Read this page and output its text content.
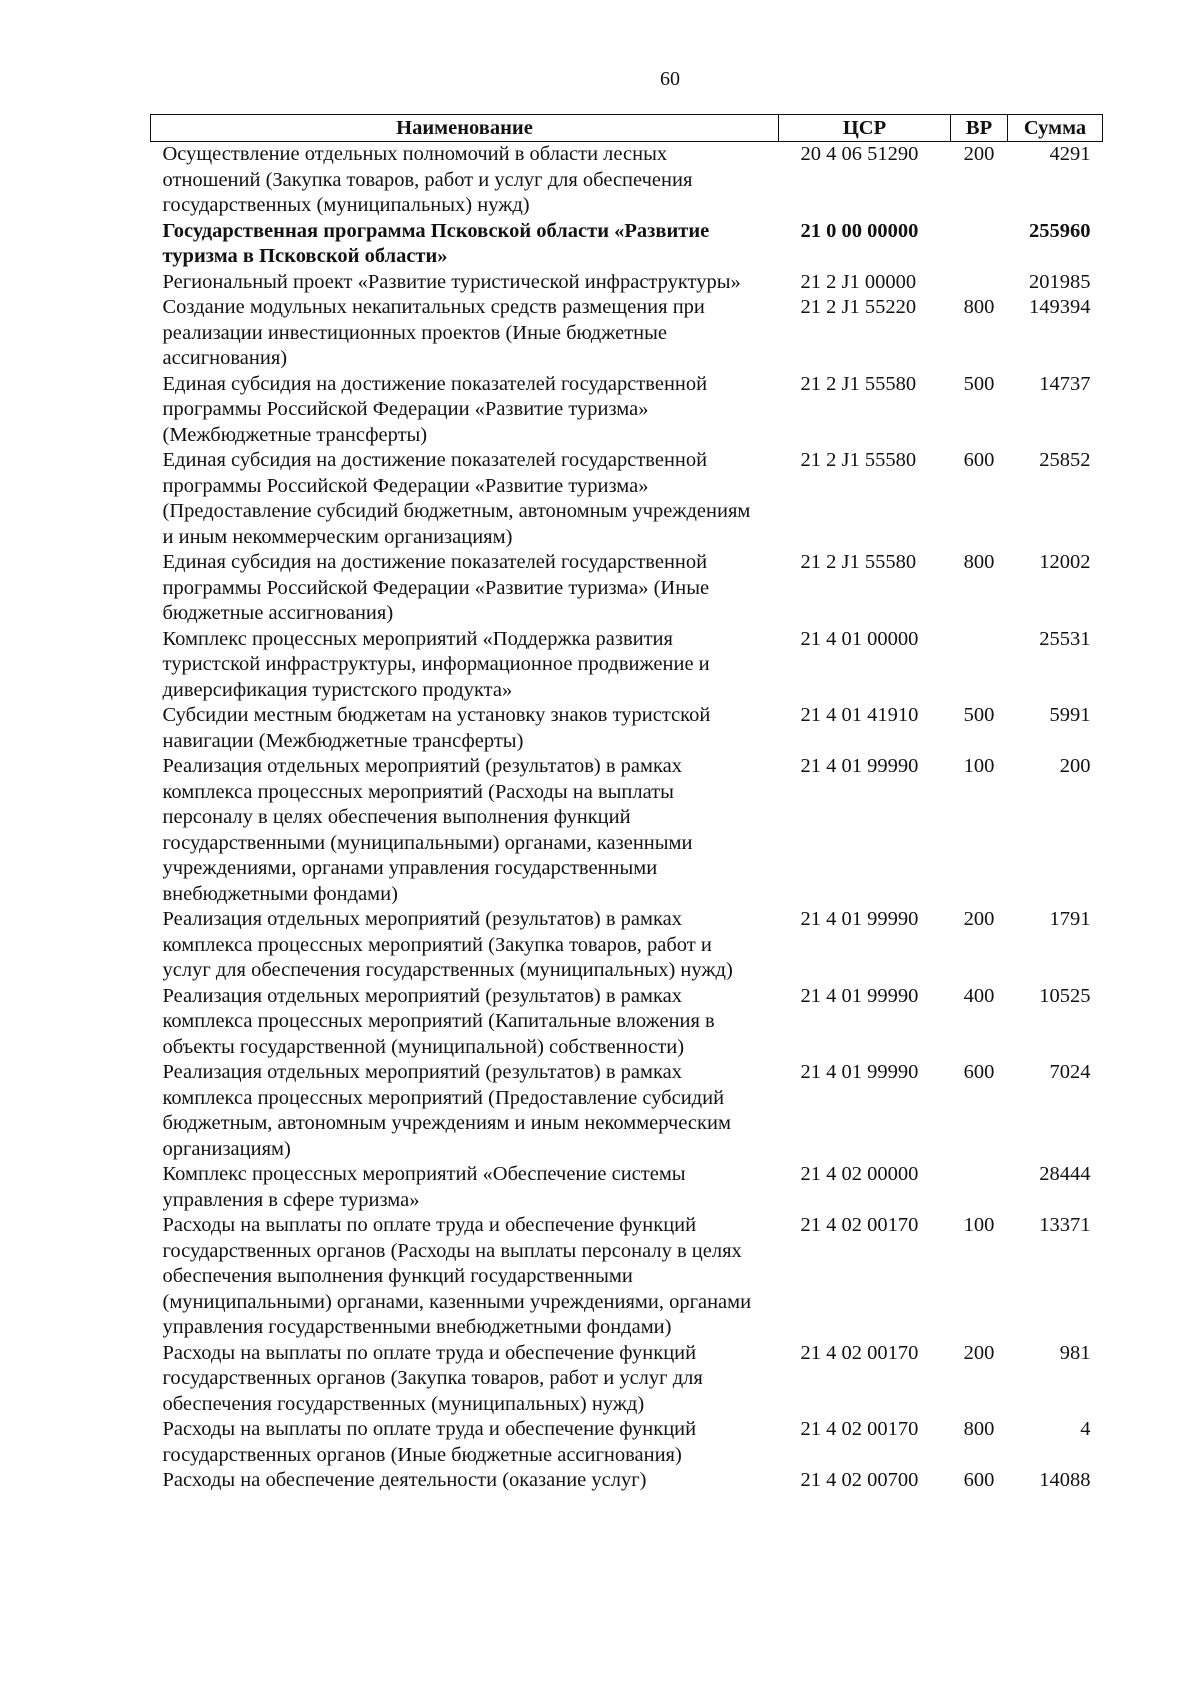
60
Наименование	ЦСР	ВР	Сумма
Осуществление отдельных полномочий в области лесных отношений (Закупка товаров, работ и услуг для обеспечения государственных (муниципальных) нужд)	20 4 06 51290	200	4291
Государственная программа Псковской области «Развитие туризма в Псковской области»	21 0 00 00000		255960
Региональный проект «Развитие туристической инфраструктуры»	21 2 J1 00000		201985
Создание модульных некапитальных средств размещения при реализации инвестиционных проектов (Иные бюджетные ассигнования)	21 2 J1 55220	800	149394
Единая субсидия на достижение показателей государственной программы Российской Федерации «Развитие туризма» (Межбюджетные трансферты)	21 2 J1 55580	500	14737
Единая субсидия на достижение показателей государственной программы Российской Федерации «Развитие туризма» (Предоставление субсидий бюджетным, автономным учреждениям и иным некоммерческим организациям)	21 2 J1 55580	600	25852
Единая субсидия на достижение показателей государственной программы Российской Федерации «Развитие туризма» (Иные бюджетные ассигнования)	21 2 J1 55580	800	12002
Комплекс процессных мероприятий «Поддержка развития туристской инфраструктуры, информационное продвижение и диверсификация туристского продукта»	21 4 01 00000		25531
Субсидии местным бюджетам на установку знаков туристской навигации (Межбюджетные трансферты)	21 4 01 41910	500	5991
Реализация отдельных мероприятий (результатов) в рамках комплекса процессных мероприятий (Расходы на выплаты персоналу в целях обеспечения выполнения функций государственными (муниципальными) органами, казенными учреждениями, органами управления государственными внебюджетными фондами)	21 4 01 99990	100	200
Реализация отдельных мероприятий (результатов) в рамках комплекса процессных мероприятий (Закупка товаров, работ и услуг для обеспечения государственных (муниципальных) нужд)	21 4 01 99990	200	1791
Реализация отдельных мероприятий (результатов) в рамках комплекса процессных мероприятий (Капитальные вложения в объекты государственной (муниципальной) собственности)	21 4 01 99990	400	10525
Реализация отдельных мероприятий (результатов) в рамках комплекса процессных мероприятий (Предоставление субсидий бюджетным, автономным учреждениям и иным некоммерческим организациям)	21 4 01 99990	600	7024
Комплекс процессных мероприятий «Обеспечение системы управления в сфере туризма»	21 4 02 00000		28444
Расходы на выплаты по оплате труда и обеспечение функций государственных органов (Расходы на выплаты персоналу в целях обеспечения выполнения функций государственными (муниципальными) органами, казенными учреждениями, органами управления государственными внебюджетными фондами)	21 4 02 00170	100	13371
Расходы на выплаты по оплате труда и обеспечение функций государственных органов (Закупка товаров, работ и услуг для обеспечения государственных (муниципальных) нужд)	21 4 02 00170	200	981
Расходы на выплаты по оплате труда и обеспечение функций государственных органов (Иные бюджетные ассигнования)	21 4 02 00170	800	4
Расходы на обеспечение деятельности (оказание услуг)	21 4 02 00700	600	14088
